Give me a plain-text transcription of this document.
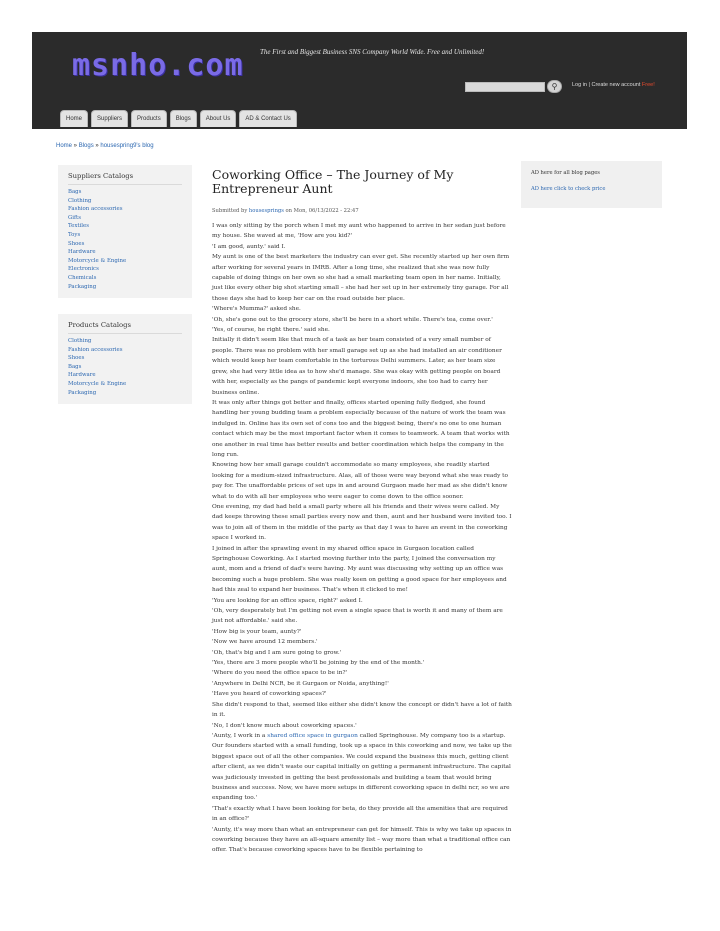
msnho.com The First and Biggest Business SNS Company World Wide. Free and Unlimited!
⚲	Log in | Create new account Free!
Home	Suppliers	Products	Blogs	About Us	AD & Contact Us
Home » Blogs » housespring9's blog
Suppliers Catalogs
Bags
Clothing
Fashion accessories
Gifts
Textiles
Toys
Shoes
Hardware
Motorcycle & Engine
Electronics
Chemicals
Packaging
Products Catalogs
Clothing
Fashion accessories
Shoes
Bags
Hardware
Motorcycle & Engine
Packaging
AD here for all blog pages
AD here click to check price
Coworking Office – The Journey of My Entrepreneur Aunt
Submitted by housesprings on Mon, 06/13/2022 - 22:47

I was only sitting by the porch when I met my aunt who happened to arrive in her sedan just before my house. She waved at me, 'How are you kid?'

'I am good, aunty.' said I.

My aunt is one of the best marketers the industry can ever get. She recently started up her own firm after working for several years in IMRB. After a long time, she realized that she was now fully capable of doing things on her own so she had a small marketing team open in her name. Initially, just like every other big shot starting small – she had her set up in her extremely tiny garage. For all those days she had to keep her car on the road outside her place.

'Where's Mumma?' asked she.

'Oh, she's gone out to the grocery store, she'll be here in a short while. There's tea, come over.'

'Yes, of course, he right there.' said she.

Initially it didn't seem like that much of a task as her team consisted of a very small number of people. There was no problem with her small garage set up as she had installed an air conditioner which would keep her team comfortable in the torturous Delhi summers. Later, as her team size grew, she had very little idea as to how she'd manage. She was okay with getting people on board with her, especially as the pangs of pandemic kept everyone indoors, she too had to carry her business online.

It was only after things got better and finally, offices started opening fully fledged, she found handling her young budding team a problem especially because of the nature of work the team was indulged in. Online has its own set of cons too and the biggest being, there's no one to one human contact which may be the most important factor when it comes to teamwork. A team that works with one another in real time has better results and better coordination which helps the company in the long run.

Knowing how her small garage couldn't accommodate so many employees, she readily started looking for a medium-sized infrastructure. Alas, all of those were way beyond what she was ready to pay for. The unaffordable prices of set ups in and around Gurgaon made her mad as she didn't know what to do with all her employees who were eager to come down to the office sooner.

One evening, my dad had held a small party where all his friends and their wives were called. My dad keeps throwing these small parties every now and then, aunt and her husband were invited too. I was to join all of them in the middle of the party as that day I was to have an event in the coworking space I worked in.

I joined in after the sprawling event in my shared office space in Gurgaon location called Springhouse Coworking. As I started moving further into the party, I joined the conversation my aunt, mom and a friend of dad's were having. My aunt was discussing why setting up an office was becoming such a huge problem. She was really keen on getting a good space for her employees and had this zeal to expand her business. That's when it clicked to me!

'You are looking for an office space, right?' asked I.

'Oh, very desperately but I'm getting not even a single space that is worth it and many of them are just not affordable.' said she.

'How big is your team, aunty?'

'Now we have around 12 members.'

'Oh, that's big and I am sure going to grow.'

'Yes, there are 3 more people who'll be joining by the end of the month.'

'Where do you need the office space to be in?'

'Anywhere in Delhi NCR, be it Gurgaon or Noida, anything!'

'Have you heard of coworking spaces?'

She didn't respond to that, seemed like either she didn't know the concept or didn't have a lot of faith in it.

'No, I don't know much about coworking spaces.'

'Aunty, I work in a shared office space in gurgaon called Springhouse. My company too is a startup. Our founders started with a small funding, took up a space in this coworking and now, we take up the biggest space out of all the other companies. We could expand the business this much, getting client after client, as we didn't waste our capital initially on getting a permanent infrastructure. The capital was judiciously invested in getting the best professionals and building a team that would bring business and success. Now, we have more setups in different coworking space in delhi ncr, so we are expanding too.'

'That's exactly what I have been looking for beta, do they provide all the amenities that are required in an office?'

'Aunty, it's way more than what an entrepreneur can get for himself. This is why we take up spaces in coworking because they have an all-square amenity list – way more than what a traditional office can offer. That's because coworking spaces have to be flexible pertaining to
